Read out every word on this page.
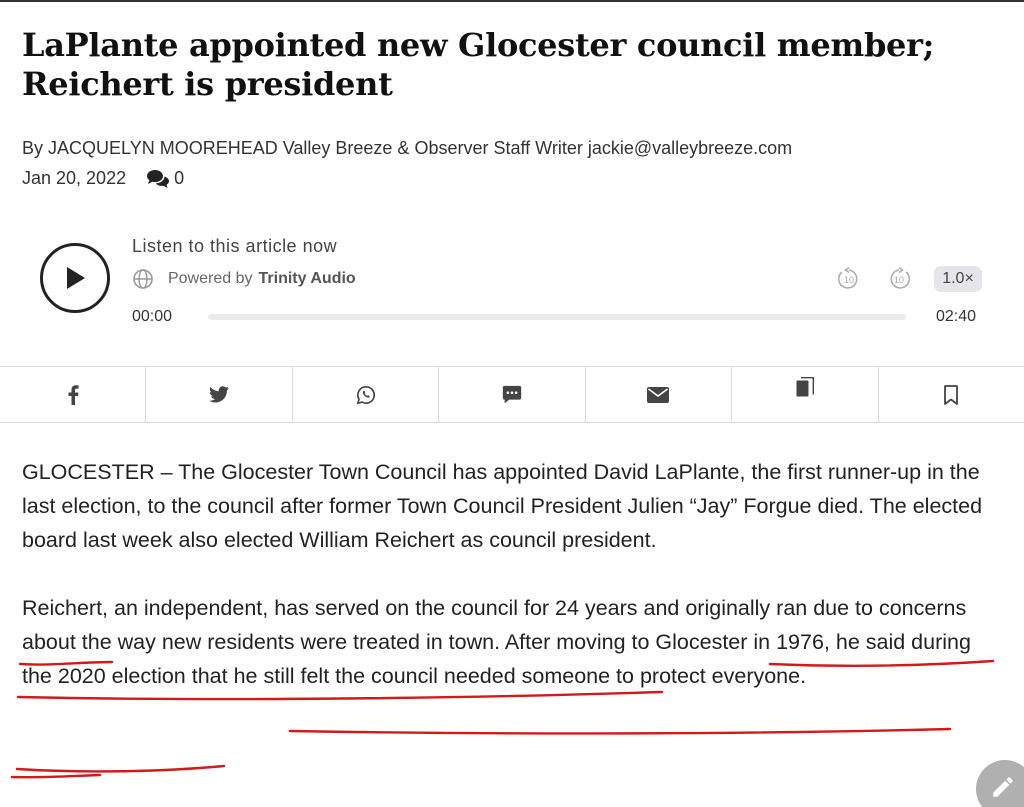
LaPlante appointed new Glocester council member; Reichert is president
By JACQUELYN MOOREHEAD Valley Breeze & Observer Staff Writer jackie@valleybreeze.com
Jan 20, 2022	0
Listen to this article now
Powered by Trinity Audio	10	10	1.0×
00:00	02:40

GLOCESTER – The Glocester Town Council has appointed David LaPlante, the first runner-up in the last election, to the council after former Town Council President Julien “Jay” Forgue died. The elected board last week also elected William Reichert as council president.

Reichert, an independent, has served on the council for 24 years and originally ran due to concerns about the way new residents were treated in town. After moving to Glocester in 1976, he said during the 2020 election that he still felt the council needed someone to protect everyone.
